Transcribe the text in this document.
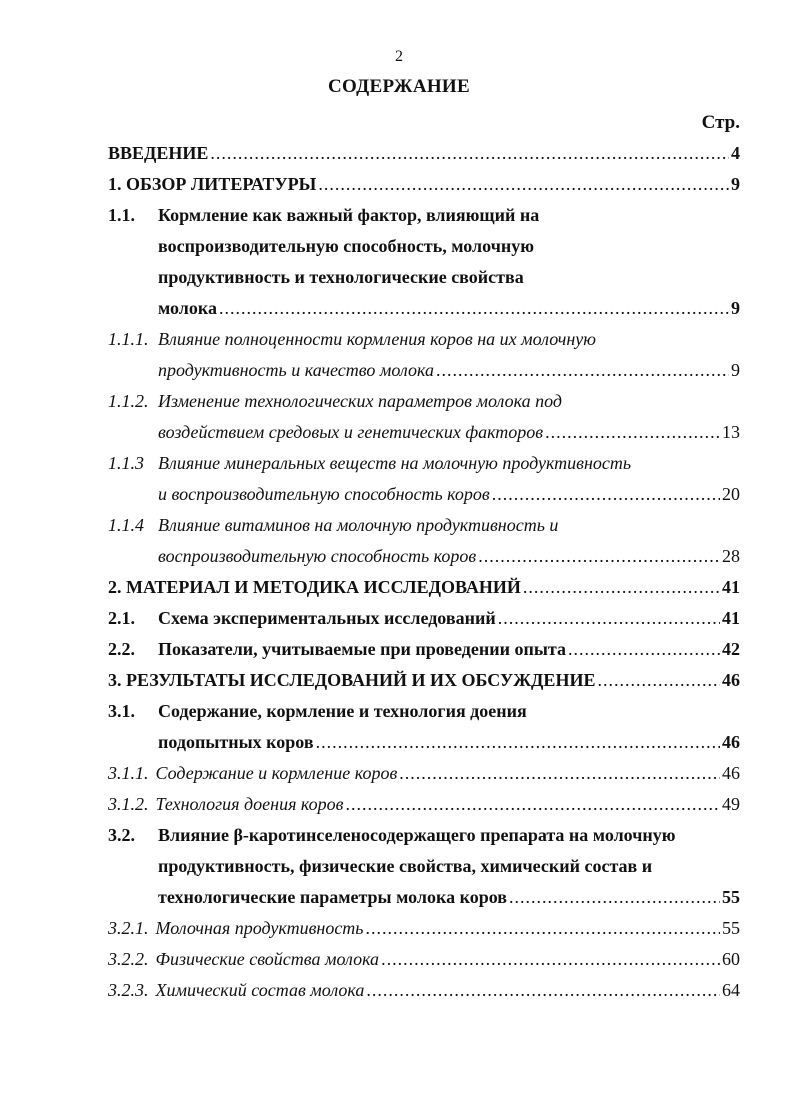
2
СОДЕРЖАНИЕ
Стр.
ВВЕДЕНИЕ .....	4
1. ОБЗОР ЛИТЕРАТУРЫ .....	9
1.1. Кормление как важный фактор, влияющий на
воспроизводительную способность, молочную
продуктивность и технологические свойства
молока .....	9
1.1.1. Влияние полноценности кормления коров на их молочную
продуктивность и качество молока .....	9
1.1.2. Изменение технологических параметров молока под
воздействием средовых и генетических факторов .....	13
1.1.3 Влияние минеральных веществ на молочную продуктивность
и воспроизводительную способность коров .....	20
1.1.4 Влияние витаминов на молочную продуктивность и
воспроизводительную способность коров .....	28
2. МАТЕРИАЛ И МЕТОДИКА ИССЛЕДОВАНИЙ .....	41
2.1. Схема экспериментальных исследований .....	41
2.2. Показатели, учитываемые при проведении опыта .....	42
3. РЕЗУЛЬТАТЫ ИССЛЕДОВАНИЙ И ИХ ОБСУЖДЕНИЕ .....	46
3.1. Содержание, кормление и технология доения
подопытных коров .....	46
3.1.1. Содержание и кормление коров .....	46
3.1.2. Технология доения коров .....	49
3.2. Влияние β-каротинселеносодержащего препарата на молочную
продуктивность, физические свойства, химический состав и
технологические параметры молока коров .....	55
3.2.1. Молочная продуктивность .....	55
3.2.2. Физические свойства молока .....	60
3.2.3. Химический состав молока .....	64
